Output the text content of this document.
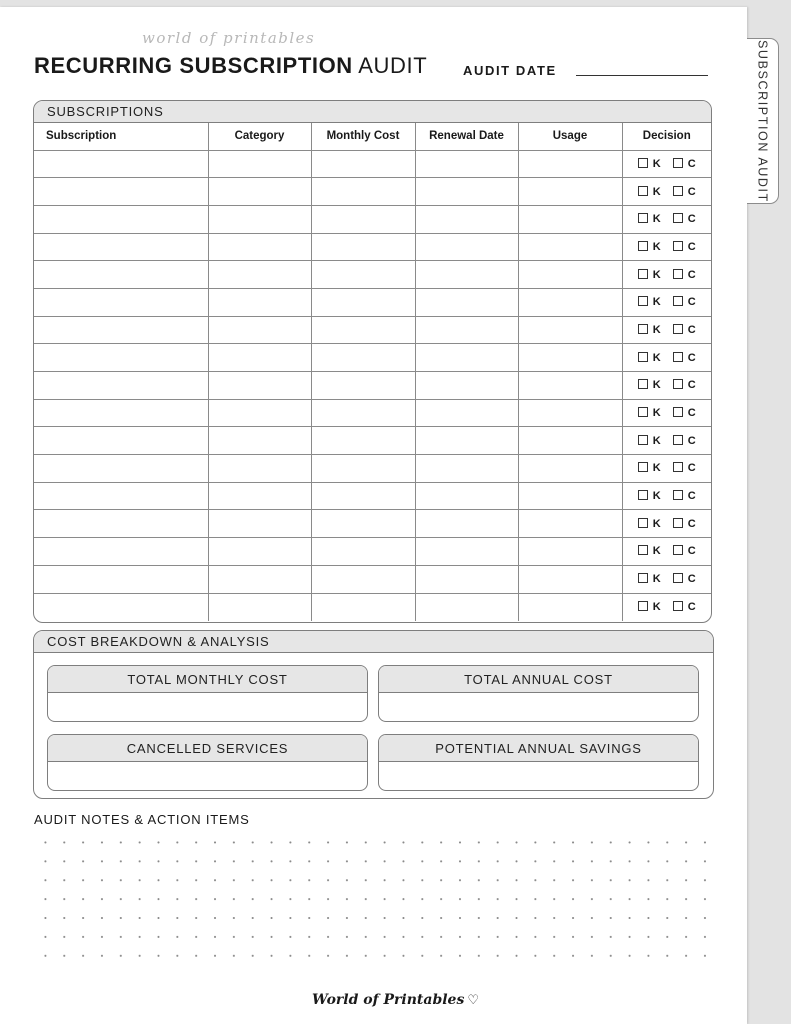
world of printables
RECURRING SUBSCRIPTION AUDIT	AUDIT DATE
SUBSCRIPTIONS
Subscription	Category	Monthly Cost	Renewal Date	Usage	Decision
					K C
					K C
					K C
					K C
					K C
					K C
					K C
					K C
					K C
					K C
					K C
					K C
					K C
					K C
					K C
					K C
					K C
COST BREAKDOWN & ANALYSIS
TOTAL MONTHLY COST	TOTAL ANNUAL COST
CANCELLED SERVICES	POTENTIAL ANNUAL SAVINGS
AUDIT NOTES & ACTION ITEMS
World of Printables ♡
SUBSCRIPTION AUDIT
